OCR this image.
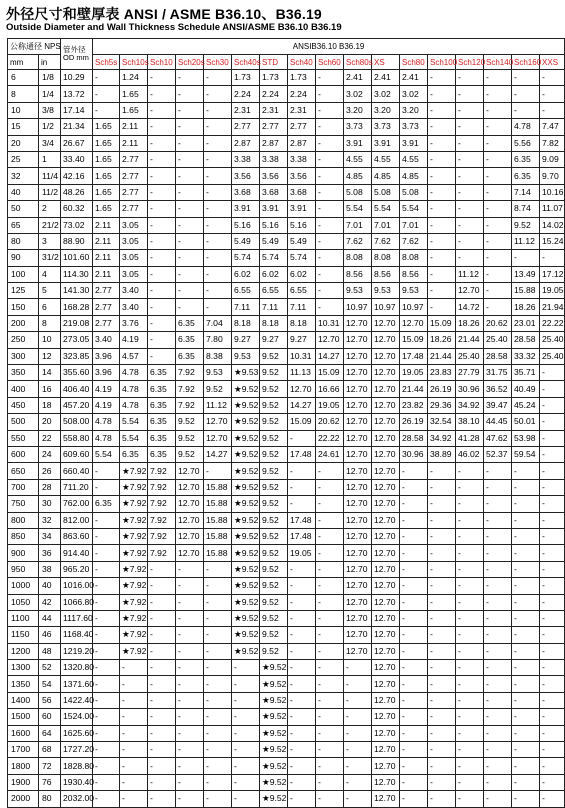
外径尺寸和壁厚表 ANSI / ASME B36.10、B36.19
Outside Diameter and Wall Thickness Schedule ANSI/ASME B36.10 B36.19
公称通径 NPS		管外径 OD mm	ANSIB36.10 B36.19																
mm	in		Sch5s	Sch10s	Sch10	Sch20s	Sch30	Sch40s	STD	Sch40	Sch60	Sch80s	XS	Sch80	Sch100	Sch120	Sch140	Sch160	XXS
6	1/8	10.29	-	1.24	-	-	-	1.73	1.73	1.73	-	2.41	2.41	2.41	-	-	-	-	-
8	1/4	13.72	-	1.65	-	-	-	2.24	2.24	2.24	-	3.02	3.02	3.02	-	-	-	-	-
10	3/8	17.14	-	1.65	-	-	-	2.31	2.31	2.31	-	3.20	3.20	3.20	-	-	-	-	-
15	1/2	21.34	1.65	2.11	-	-	-	2.77	2.77	2.77	-	3.73	3.73	3.73	-	-	-	4.78	7.47
20	3/4	26.67	1.65	2.11	-	-	-	2.87	2.87	2.87	-	3.91	3.91	3.91	-	-	-	5.56	7.82
25	1	33.40	1.65	2.77	-	-	-	3.38	3.38	3.38	-	4.55	4.55	4.55	-	-	-	6.35	9.09
32	11/4	42.16	1.65	2.77	-	-	-	3.56	3.56	3.56	-	4.85	4.85	4.85	-	-	-	6.35	9.70
40	11/2	48.26	1.65	2.77	-	-	-	3.68	3.68	3.68	-	5.08	5.08	5.08	-	-	-	7.14	10.16
50	2	60.32	1.65	2.77	-	-	-	3.91	3.91	3.91	-	5.54	5.54	5.54	-	-	-	8.74	11.07
65	21/2	73.02	2.11	3.05	-	-	-	5.16	5.16	5.16	-	7.01	7.01	7.01	-	-	-	9.52	14.02
80	3	88.90	2.11	3.05	-	-	-	5.49	5.49	5.49	-	7.62	7.62	7.62	-	-	-	11.12	15.24
90	31/2	101.60	2.11	3.05	-	-	-	5.74	5.74	5.74	-	8.08	8.08	8.08	-	-	-	-	-
100	4	114.30	2.11	3.05	-	-	-	6.02	6.02	6.02	-	8.56	8.56	8.56	-	11.12	-	13.49	17.12
125	5	141.30	2.77	3.40	-	-	-	6.55	6.55	6.55	-	9.53	9.53	9.53	-	12.70	-	15.88	19.05
150	6	168.28	2.77	3.40	-	-	-	7.11	7.11	7.11	-	10.97	10.97	10.97	-	14.72	-	18.26	21.94
200	8	219.08	2.77	3.76	-	6.35	7.04	8.18	8.18	8.18	10.31	12.70	12.70	12.70	15.09	18.26	20.62	23.01	22.22
250	10	273.05	3.40	4.19	-	6.35	7.80	9.27	9.27	9.27	12.70	12.70	12.70	15.09	18.26	21.44	25.40	28.58	25.40
300	12	323.85	3.96	4.57	-	6.35	8.38	9.53	9.52	10.31	14.27	12.70	12.70	17.48	21.44	25.40	28.58	33.32	25.40
350	14	355.60	3.96	4.78	6.35	7.92	9.53	★9.53	9.52	11.13	15.09	12.70	12.70	19.05	23.83	27.79	31.75	35.71	-
400	16	406.40	4.19	4.78	6.35	7.92	9.52	★9.52	9.52	12.70	16.66	12.70	12.70	21.44	26.19	30.96	36.52	40.49	-
450	18	457.20	4.19	4.78	6.35	7.92	11.12	★9.52	9.52	14.27	19.05	12.70	12.70	23.82	29.36	34.92	39.47	45.24	-
500	20	508.00	4.78	5.54	6.35	9.52	12.70	★9.52	9.52	15.09	20.62	12.70	12.70	26.19	32.54	38.10	44.45	50.01	-
550	22	558.80	4.78	5.54	6.35	9.52	12.70	★9.52	9.52	-	22.22	12.70	12.70	28.58	34.92	41.28	47.62	53.98	-
600	24	609.60	5.54	6.35	6.35	9.52	14.27	★9.52	9.52	17.48	24.61	12.70	12.70	30.96	38.89	46.02	52.37	59.54	-
650	26	660.40	-	★7.92	7.92	12.70	-	★9.52	9.52	-	-	12.70	12.70	-	-	-	-	-	-
700	28	711.20	-	★7.92	7.92	12.70	15.88	★9.52	9.52	-	-	12.70	12.70	-	-	-	-	-	-
750	30	762.00	6.35	★7.92	7.92	12.70	15.88	★9.52	9.52	-	-	12.70	12.70	-	-	-	-	-	-
800	32	812.00	-	★7.92	7.92	12.70	15.88	★9.52	9.52	17.48	-	12.70	12.70	-	-	-	-	-	-
850	34	863.60	-	★7.92	7.92	12.70	15.88	★9.52	9.52	17.48	-	12.70	12.70	-	-	-	-	-	-
900	36	914.40	-	★7.92	7.92	12.70	15.88	★9.52	9.52	19.05	-	12.70	12.70	-	-	-	-	-	-
950	38	965.20	-	★7.92	-	-	-	★9.52	9.52	-	-	12.70	12.70	-	-	-	-	-	-
1000	40	1016.00	-	★7.92	-	-	-	★9.52	9.52	-	-	12.70	12.70	-	-	-	-	-	-
1050	42	1066.80	-	★7.92	-	-	-	★9.52	9.52	-	-	12.70	12.70	-	-	-	-	-	-
1100	44	1117.60	-	★7.92	-	-	-	★9.52	9.52	-	-	12.70	12.70	-	-	-	-	-	-
1150	46	1168.40	-	★7.92	-	-	-	★9.52	9.52	-	-	12.70	12.70	-	-	-	-	-	-
1200	48	1219.20	-	★7.92	-	-	-	★9.52	9.52	-	-	12.70	12.70	-	-	-	-	-	-
1300	52	1320.80	-	-	-	-	-	-	★9.52	-	-	-	12.70	-	-	-	-	-	-
1350	54	1371.60	-	-	-	-	-	-	★9.52	-	-	-	12.70	-	-	-	-	-	-
1400	56	1422.40	-	-	-	-	-	-	★9.52	-	-	-	12.70	-	-	-	-	-	-
1500	60	1524.00	-	-	-	-	-	-	★9.52	-	-	-	12.70	-	-	-	-	-	-
1600	64	1625.60	-	-	-	-	-	-	★9.52	-	-	-	12.70	-	-	-	-	-	-
1700	68	1727.20	-	-	-	-	-	-	★9.52	-	-	-	12.70	-	-	-	-	-	-
1800	72	1828.80	-	-	-	-	-	-	★9.52	-	-	-	12.70	-	-	-	-	-	-
1900	76	1930.40	-	-	-	-	-	-	★9.52	-	-	-	12.70	-	-	-	-	-	-
2000	80	2032.00	-	-	-	-	-	-	★9.52	-	-	-	12.70	-	-	-	-	-	-
